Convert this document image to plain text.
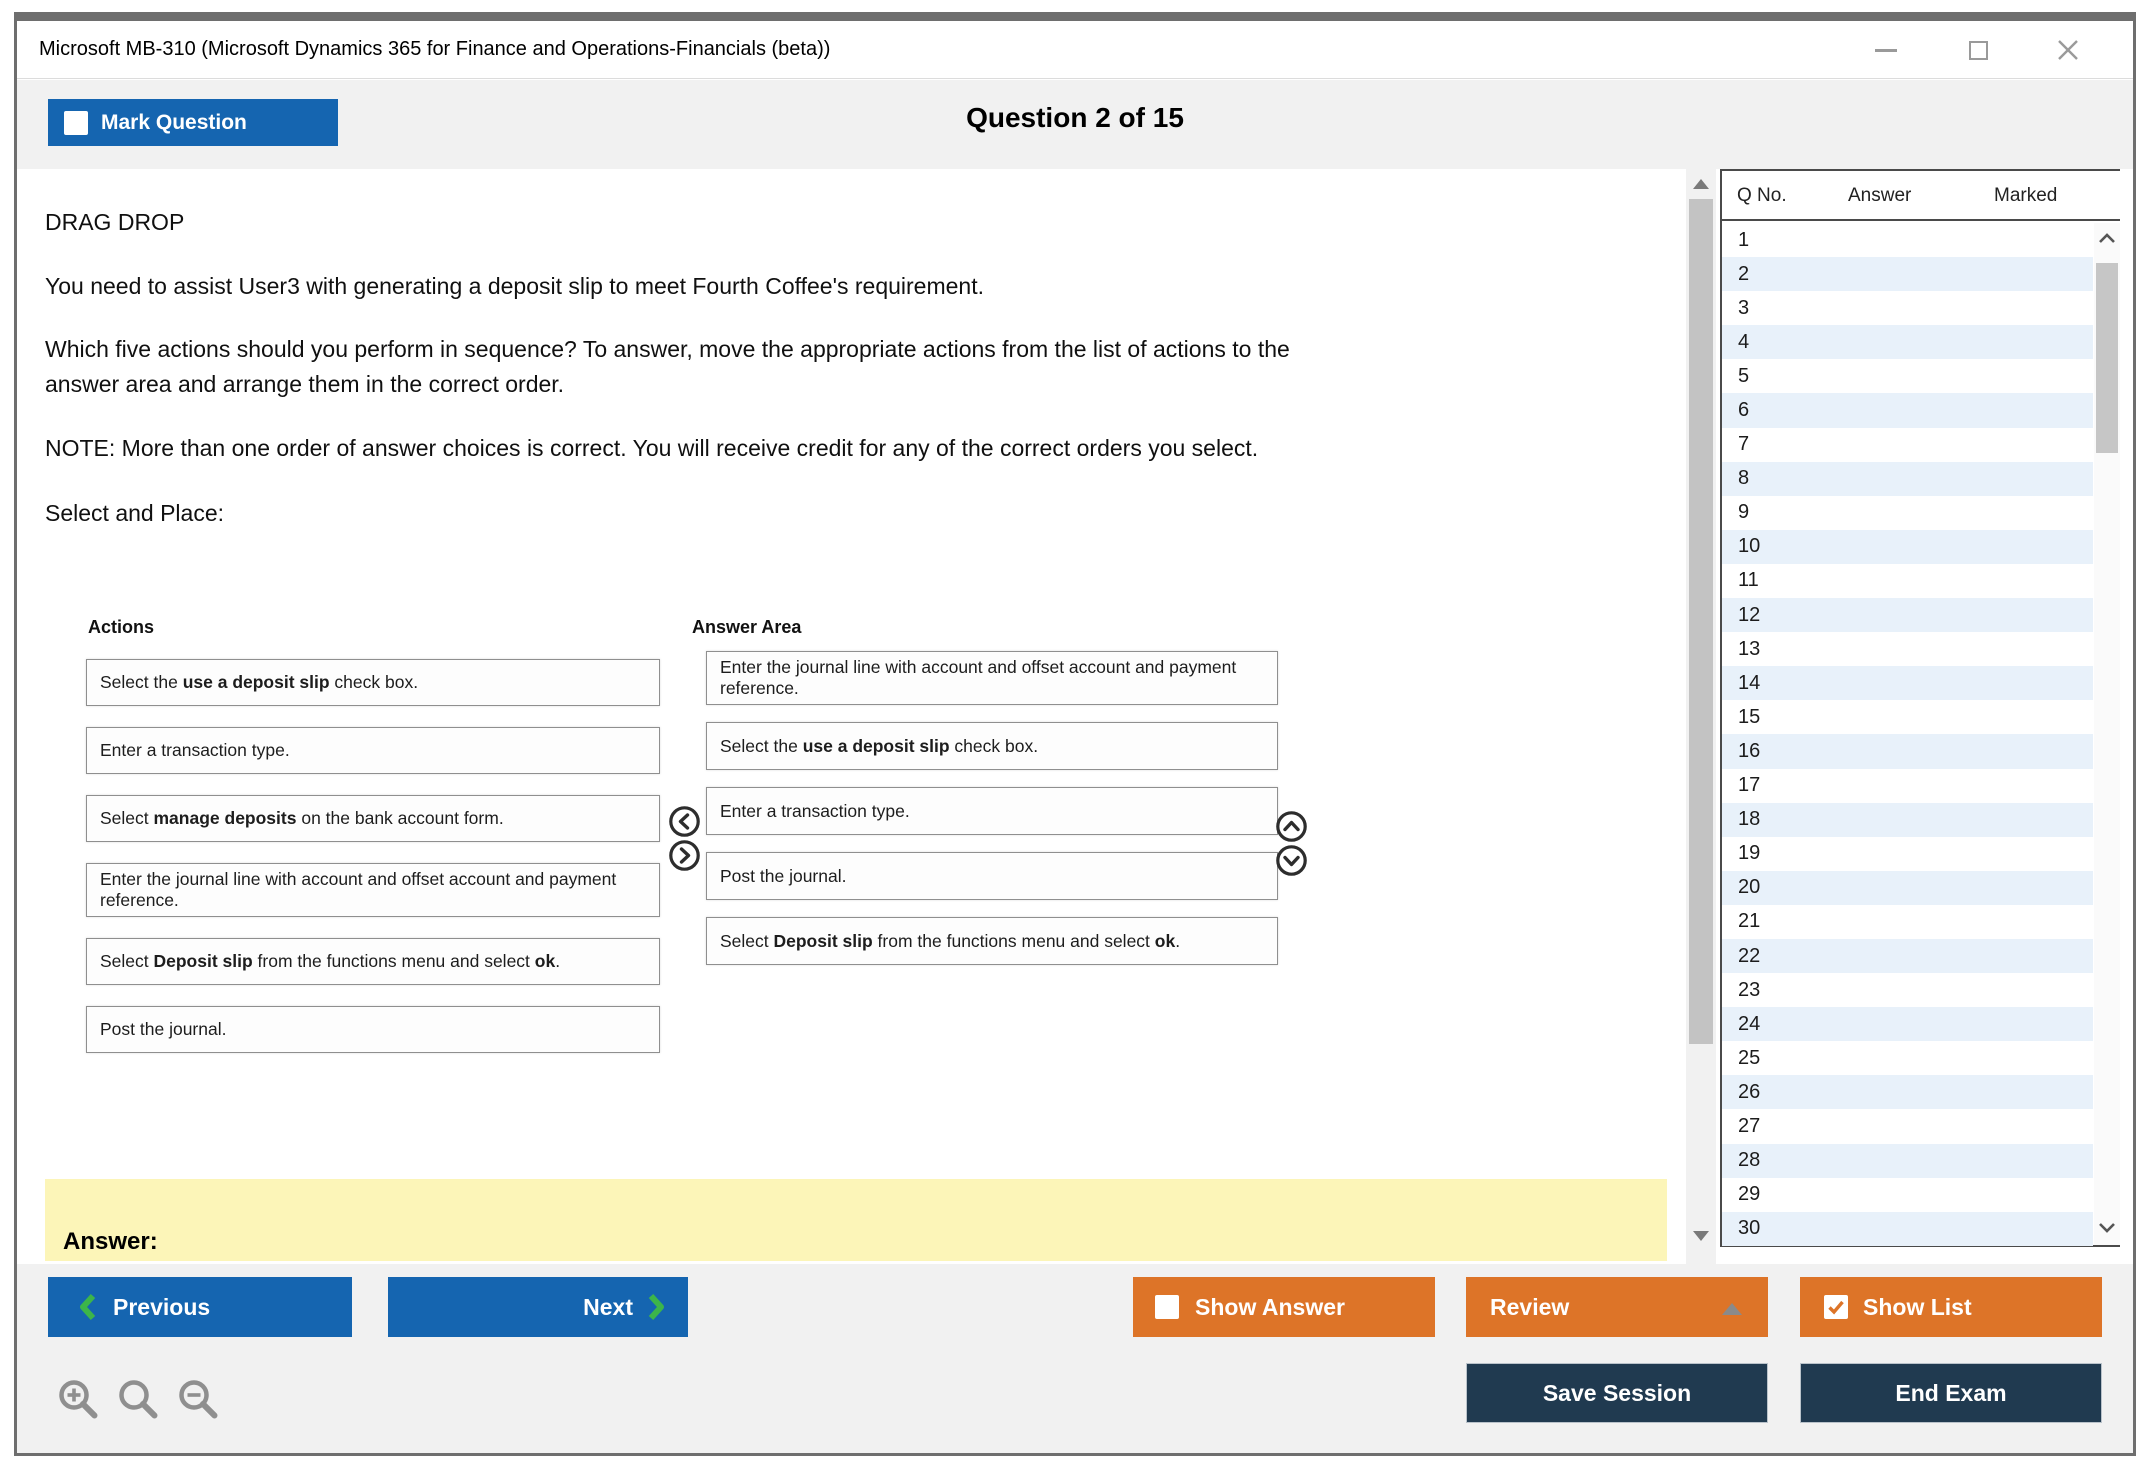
Microsoft MB-310 (Microsoft Dynamics 365 for Finance and Operations-Financials (beta))
Mark Question	Question 2 of 15
DRAG DROP
You need to assist User3 with generating a deposit slip to meet Fourth Coffee's requirement.
Which five actions should you perform in sequence? To answer, move the appropriate actions from the list of actions to the
answer area and arrange them in the correct order.
NOTE: More than one order of answer choices is correct. You will receive credit for any of the correct orders you select.
Select and Place:
Actions	Answer Area
Select the use a deposit slip check box.
Enter a transaction type.
Select manage deposits on the bank account form.
Enter the journal line with account and offset account and payment reference.
Select Deposit slip from the functions menu and select ok.
Post the journal.
Enter the journal line with account and offset account and payment reference.
Select the use a deposit slip check box.
Enter a transaction type.
Post the journal.
Select Deposit slip from the functions menu and select ok.
Answer:
Q No.	Answer	Marked
1
2
3
4
5
6
7
8
9
10
11
12
13
14
15
16
17
18
19
20
21
22
23
24
25
26
27
28
29
30
Previous	Next	Show Answer	Review	Show List
Save Session	End Exam
